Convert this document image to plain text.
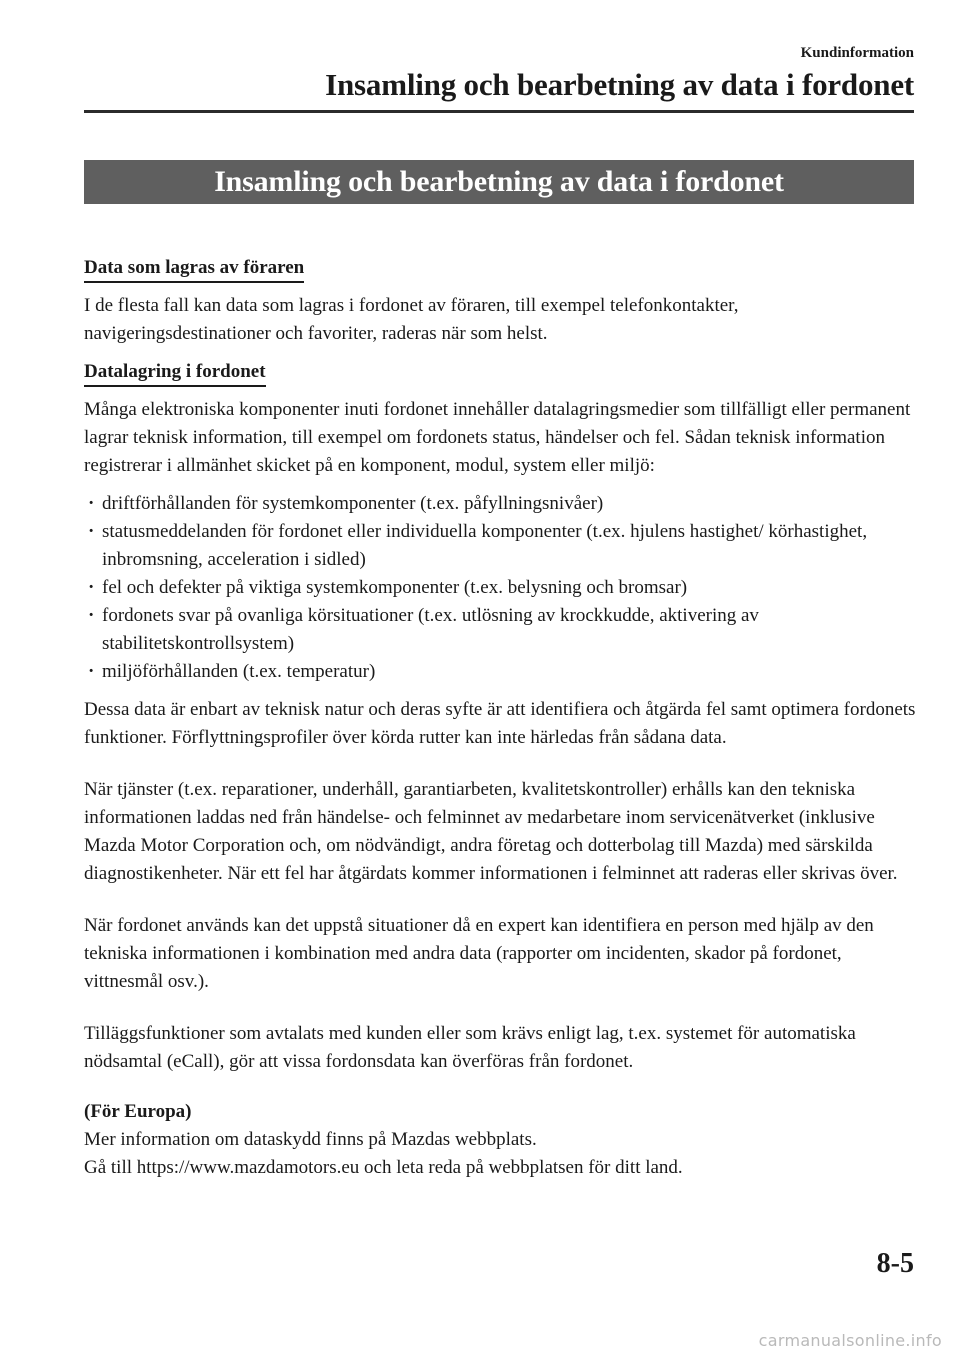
Kundinformation
Insamling och bearbetning av data i fordonet
Insamling och bearbetning av data i fordonet
Data som lagras av föraren

I de flesta fall kan data som lagras i fordonet av föraren, till exempel telefonkontakter, navigeringsdestinationer och favoriter, raderas när som helst.

Datalagring i fordonet

Många elektroniska komponenter inuti fordonet innehåller datalagringsmedier som tillfälligt eller permanent lagrar teknisk information, till exempel om fordonets status, händelser och fel. Sådan teknisk information registrerar i allmänhet skicket på en komponent, modul, system eller miljö:

· driftförhållanden för systemkomponenter (t.ex. påfyllningsnivåer)
· statusmeddelanden för fordonet eller individuella komponenter (t.ex. hjulens hastighet/ körhastighet, inbromsning, acceleration i sidled)
· fel och defekter på viktiga systemkomponenter (t.ex. belysning och bromsar)
· fordonets svar på ovanliga körsituationer (t.ex. utlösning av krockkudde, aktivering av stabilitetskontrollsystem)
· miljöförhållanden (t.ex. temperatur)

Dessa data är enbart av teknisk natur och deras syfte är att identifiera och åtgärda fel samt optimera fordonets funktioner. Förflyttningsprofiler över körda rutter kan inte härledas från sådana data.

När tjänster (t.ex. reparationer, underhåll, garantiarbeten, kvalitetskontroller) erhålls kan den tekniska informationen laddas ned från händelse- och felminnet av medarbetare inom servicenätverket (inklusive Mazda Motor Corporation och, om nödvändigt, andra företag och dotterbolag till Mazda) med särskilda diagnostikenheter. När ett fel har åtgärdats kommer informationen i felminnet att raderas eller skrivas över.

När fordonet används kan det uppstå situationer då en expert kan identifiera en person med hjälp av den tekniska informationen i kombination med andra data (rapporter om incidenten, skador på fordonet, vittnesmål osv.).

Tilläggsfunktioner som avtalats med kunden eller som krävs enligt lag, t.ex. systemet för automatiska nödsamtal (eCall), gör att vissa fordonsdata kan överföras från fordonet.

(För Europa)

Mer information om dataskydd finns på Mazdas webbplats.

Gå till https://www.mazdamotors.eu och leta reda på webbplatsen för ditt land.

8-5
carmanualsonline.info
